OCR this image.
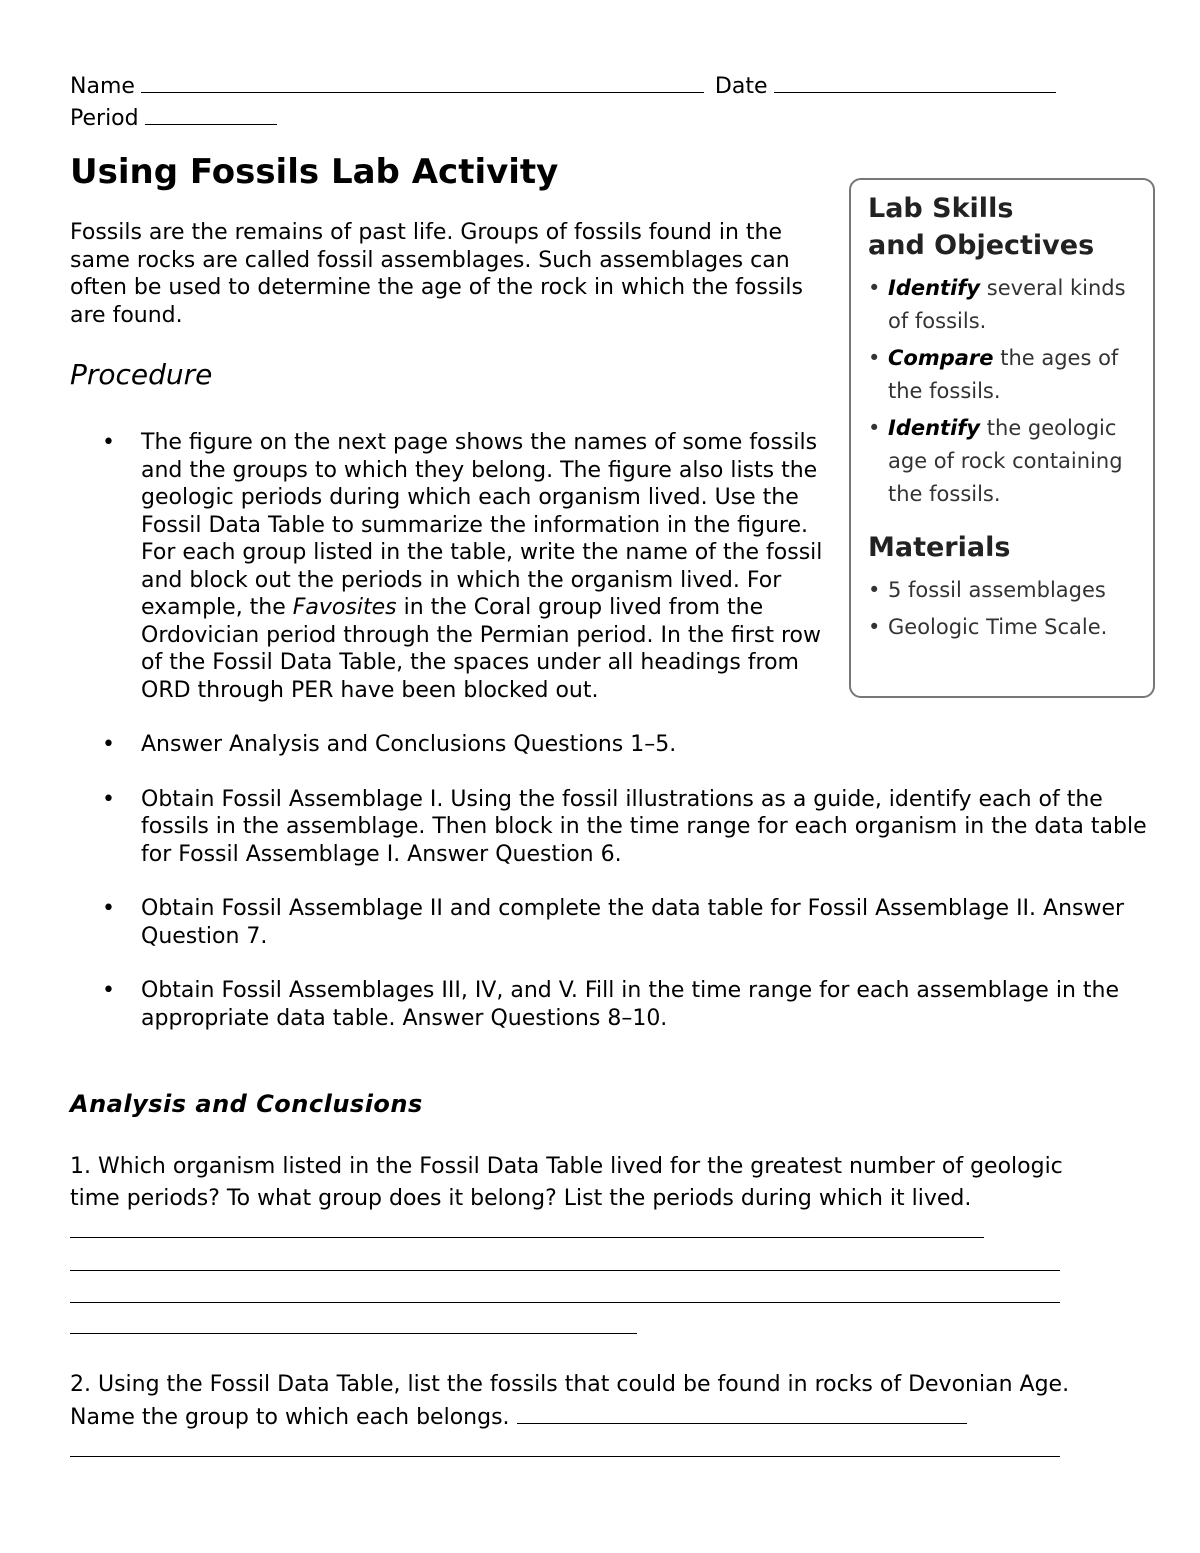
Name	Date
Period
Using Fossils Lab Activity

Fossils are the remains of past life. Groups of fossils found in the same rocks are called fossil assemblages. Such assemblages can often be used to determine the age of the rock in which the fossils are found.

Procedure
• The figure on the next page shows the names of some fossils and the groups to which they belong. The figure also lists the geologic periods during which each organism lived. Use the Fossil Data Table to summarize the information in the figure. For each group listed in the table, write the name of the fossil and block out the periods in which the organism lived. For example, the Favosites in the Coral group lived from the Ordovician period through the Permian period. In the first row of the Fossil Data Table, the spaces under all headings from ORD through PER have been blocked out.
• Answer Analysis and Conclusions Questions 1–5.
• Obtain Fossil Assemblage I. Using the fossil illustrations as a guide, identify each of the fossils in the assemblage. Then block in the time range for each organism in the data table for Fossil Assemblage I. Answer Question 6.
• Obtain Fossil Assemblage II and complete the data table for Fossil Assemblage II. Answer Question 7.
• Obtain Fossil Assemblages III, IV, and V. Fill in the time range for each assemblage in the appropriate data table. Answer Questions 8–10.
Lab Skills
and Objectives
• Identify several kinds of fossils.
• Compare the ages of the fossils.
• Identify the geologic age of rock containing the fossils.
Materials
• 5 fossil assemblages
• Geologic Time Scale.
Analysis and Conclusions

1. Which organism listed in the Fossil Data Table lived for the greatest number of geologic time periods? To what group does it belong? List the periods during which it lived.

2. Using the Fossil Data Table, list the fossils that could be found in rocks of Devonian Age. Name the group to which each belongs.
